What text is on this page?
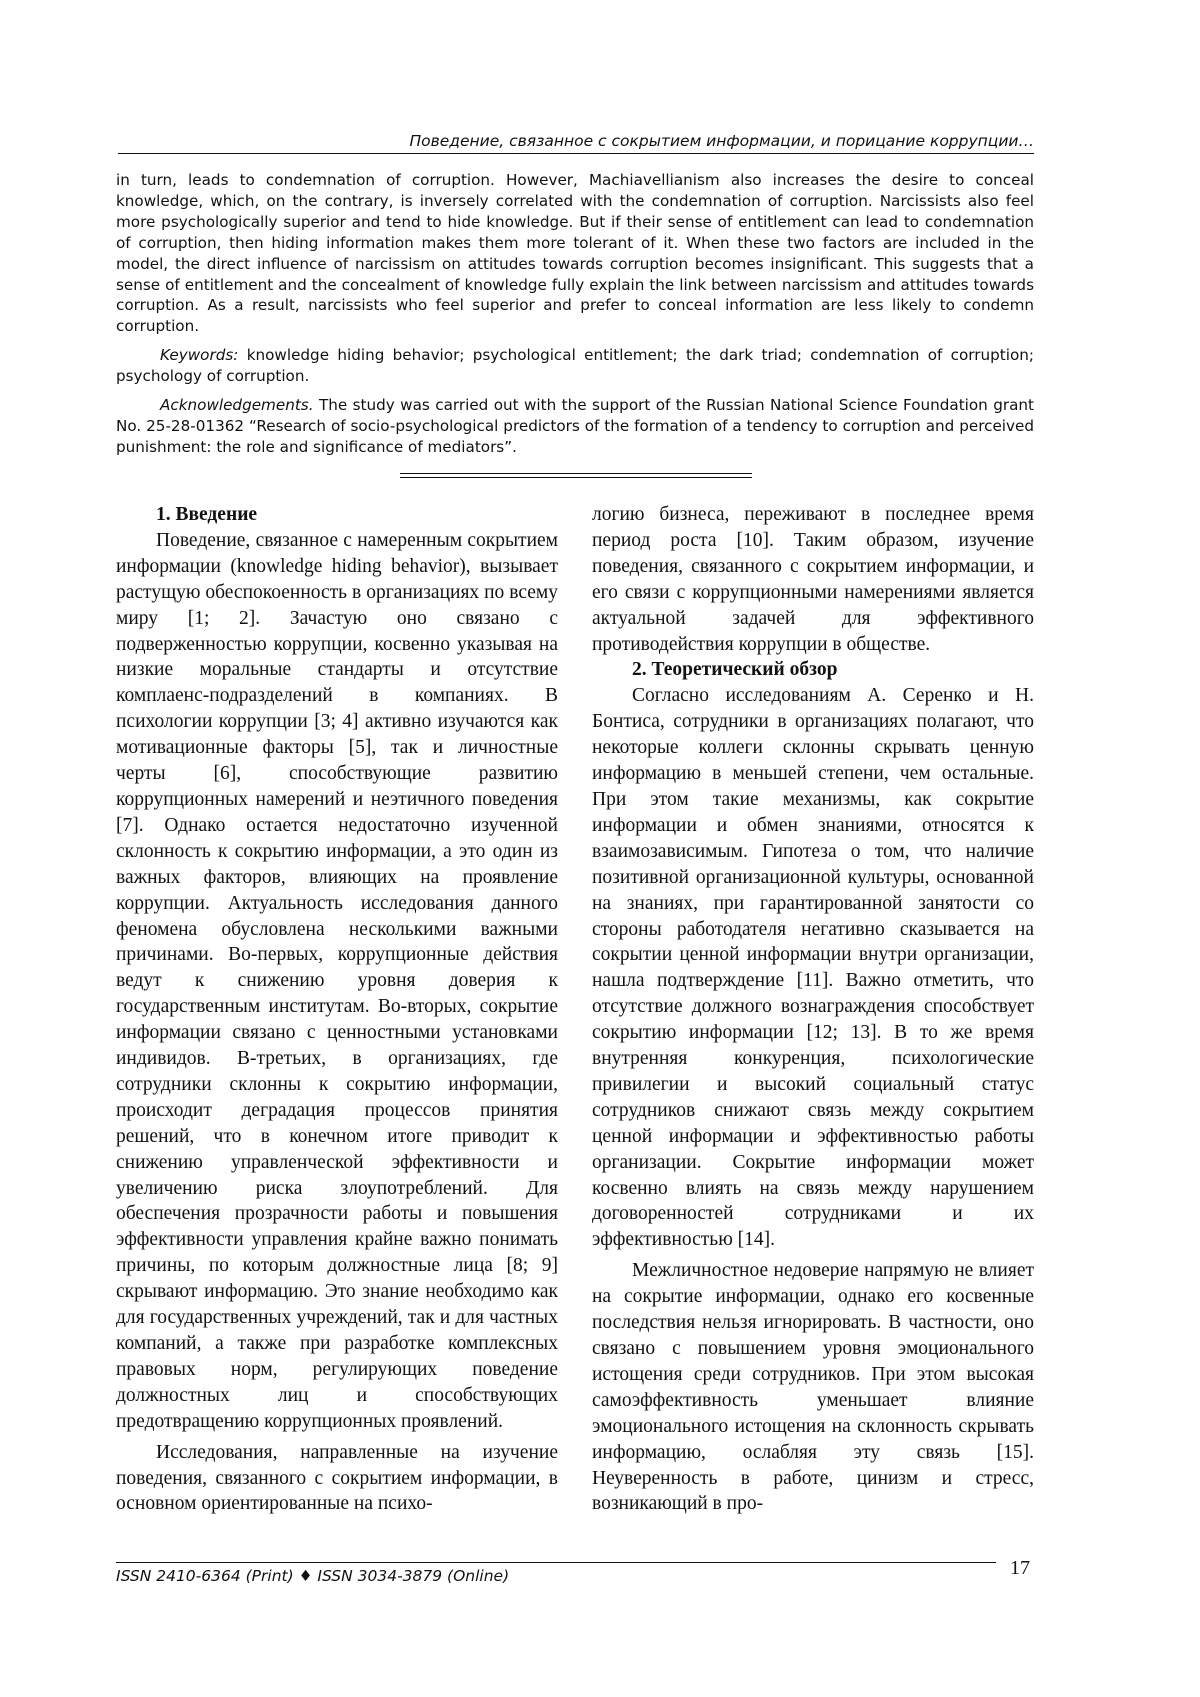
Поведение, связанное с сокрытием информации, и порицание коррупции…

in turn, leads to condemnation of corruption. However, Machiavellianism also increases the desire to conceal knowledge, which, on the contrary, is inversely correlated with the condemnation of corruption. Narcissists also feel more psychologically superior and tend to hide knowledge. But if their sense of entitlement can lead to condemnation of corruption, then hiding information makes them more tolerant of it. When these two factors are included in the model, the direct influence of narcissism on attitudes towards corruption becomes insignificant. This suggests that a sense of entitlement and the concealment of knowledge fully explain the link between narcissism and attitudes towards corruption. As a result, narcissists who feel superior and prefer to conceal information are less likely to condemn corruption.

Keywords: knowledge hiding behavior; psychological entitlement; the dark triad; condemnation of corruption; psychology of corruption.

Acknowledgements. The study was carried out with the support of the Russian National Science Foundation grant No. 25-28-01362 “Research of socio-psychological predictors of the formation of a tendency to corruption and perceived punishment: the role and significance of mediators”.

1. Введение

Поведение, связанное с намеренным сокрытием информации (knowledge hiding behavior), вызывает растущую обеспокоенность в организациях по всему миру [1; 2]. Зачастую оно связано с подверженностью коррупции, косвенно указывая на низкие моральные стандарты и отсутствие комплаенс-подразделений в компаниях. В психологии коррупции [3; 4] активно изучаются как мотивационные факторы [5], так и личностные черты [6], способствующие развитию коррупционных намерений и неэтичного поведения [7]. Однако остается недостаточно изученной склонность к сокрытию информации, а это один из важных факторов, влияющих на проявление коррупции. Актуальность исследования данного феномена обусловлена несколькими важными причинами. Во-первых, коррупционные действия ведут к снижению уровня доверия к государственным институтам. Во-вторых, сокрытие информации связано с ценностными установками индивидов. В-третьих, в организациях, где сотрудники склонны к сокрытию информации, происходит деградация процессов принятия решений, что в конечном итоге приводит к снижению управленческой эффективности и увеличению риска злоупотреблений. Для обеспечения прозрачности работы и повышения эффективности управления крайне важно понимать причины, по которым должностные лица [8; 9] скрывают информацию. Это знание необходимо как для государственных учреждений, так и для частных компаний, а также при разработке комплексных правовых норм, регулирующих поведение должностных лиц и способствующих предотвращению коррупционных проявлений.

Исследования, направленные на изучение поведения, связанного с сокрытием информации, в основном ориентированные на психо-

логию бизнеса, переживают в последнее время период роста [10]. Таким образом, изучение поведения, связанного с сокрытием информации, и его связи с коррупционными намерениями является актуальной задачей для эффективного противодействия коррупции в обществе.

2. Теоретический обзор

Согласно исследованиям А. Серенко и Н. Бонтиса, сотрудники в организациях полагают, что некоторые коллеги склонны скрывать ценную информацию в меньшей степени, чем остальные. При этом такие механизмы, как сокрытие информации и обмен знаниями, относятся к взаимозависимым. Гипотеза о том, что наличие позитивной организационной культуры, основанной на знаниях, при гарантированной занятости со стороны работодателя негативно сказывается на сокрытии ценной информации внутри организации, нашла подтверждение [11]. Важно отметить, что отсутствие должного вознаграждения способствует сокрытию информации [12; 13]. В то же время внутренняя конкуренция, психологические привилегии и высокий социальный статус сотрудников снижают связь между сокрытием ценной информации и эффективностью работы организации. Сокрытие информации может косвенно влиять на связь между нарушением договоренностей сотрудниками и их эффективностью [14].

Межличностное недоверие напрямую не влияет на сокрытие информации, однако его косвенные последствия нельзя игнорировать. В частности, оно связано с повышением уровня эмоционального истощения среди сотрудников. При этом высокая самоэффективность уменьшает влияние эмоционального истощения на склонность скрывать информацию, ослабляя эту связь [15]. Неуверенность в работе, цинизм и стресс, возникающий в про-

ISSN 2410-6364 (Print) ♦ ISSN 3034-3879 (Online)	17
